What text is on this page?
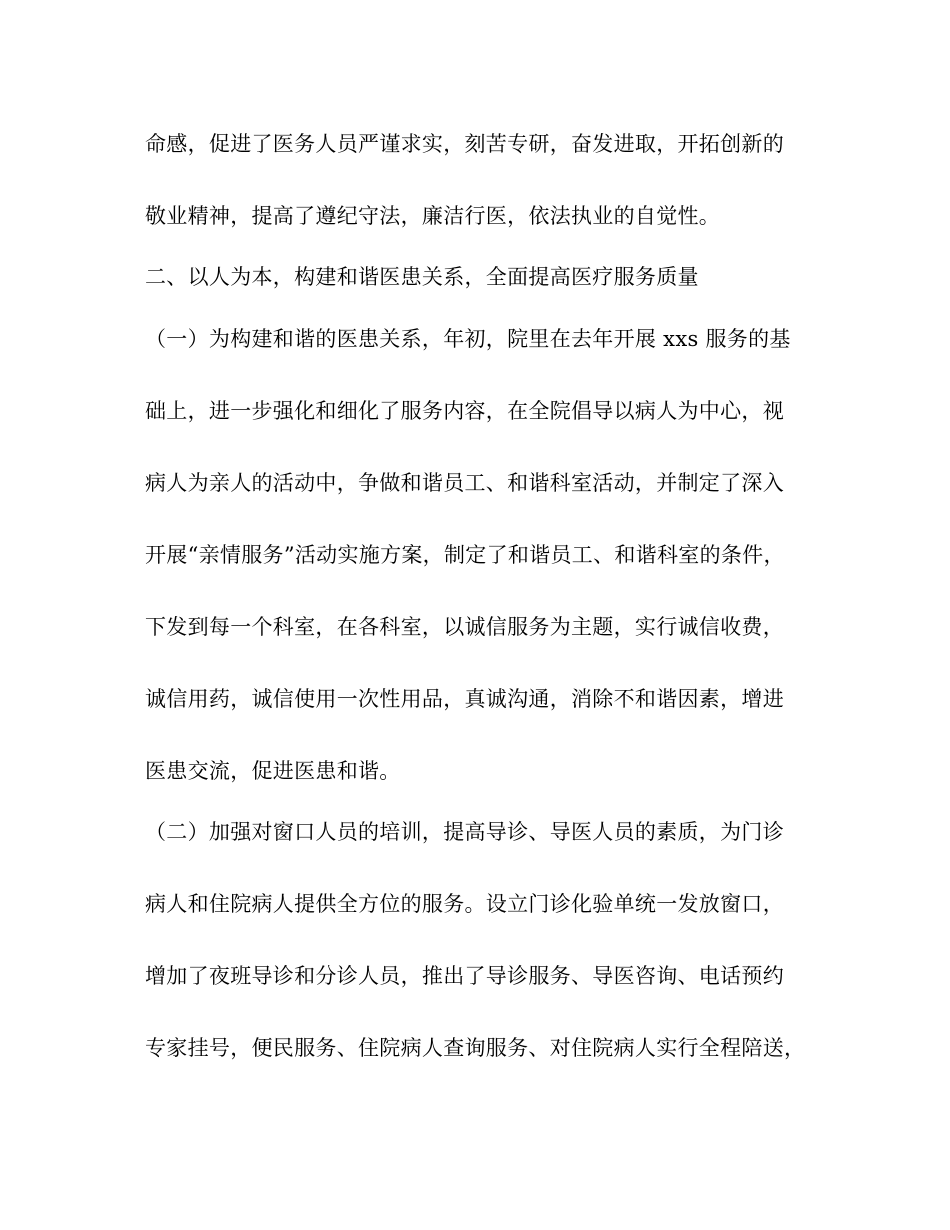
命感，促进了医务人员严谨求实，刻苦专研，奋发进取，开拓创新的
敬业精神，提高了遵纪守法，廉洁行医，依法执业的自觉性。
二、以人为本，构建和谐医患关系，全面提高医疗服务质量
（一）为构建和谐的医患关系，年初，院里在去年开展 xxs 服务的基
础上，进一步强化和细化了服务内容，在全院倡导以病人为中心，视
病人为亲人的活动中，争做和谐员工、和谐科室活动，并制定了深入
开展“亲情服务”活动实施方案，制定了和谐员工、和谐科室的条件，
下发到每一个科室，在各科室，以诚信服务为主题，实行诚信收费，
诚信用药，诚信使用一次性用品，真诚沟通，消除不和谐因素，增进
医患交流，促进医患和谐。
（二）加强对窗口人员的培训，提高导诊、导医人员的素质，为门诊
病人和住院病人提供全方位的服务。设立门诊化验单统一发放窗口，
增加了夜班导诊和分诊人员，推出了导诊服务、导医咨询、电话预约
专家挂号，便民服务、住院病人查询服务、对住院病人实行全程陪送，
